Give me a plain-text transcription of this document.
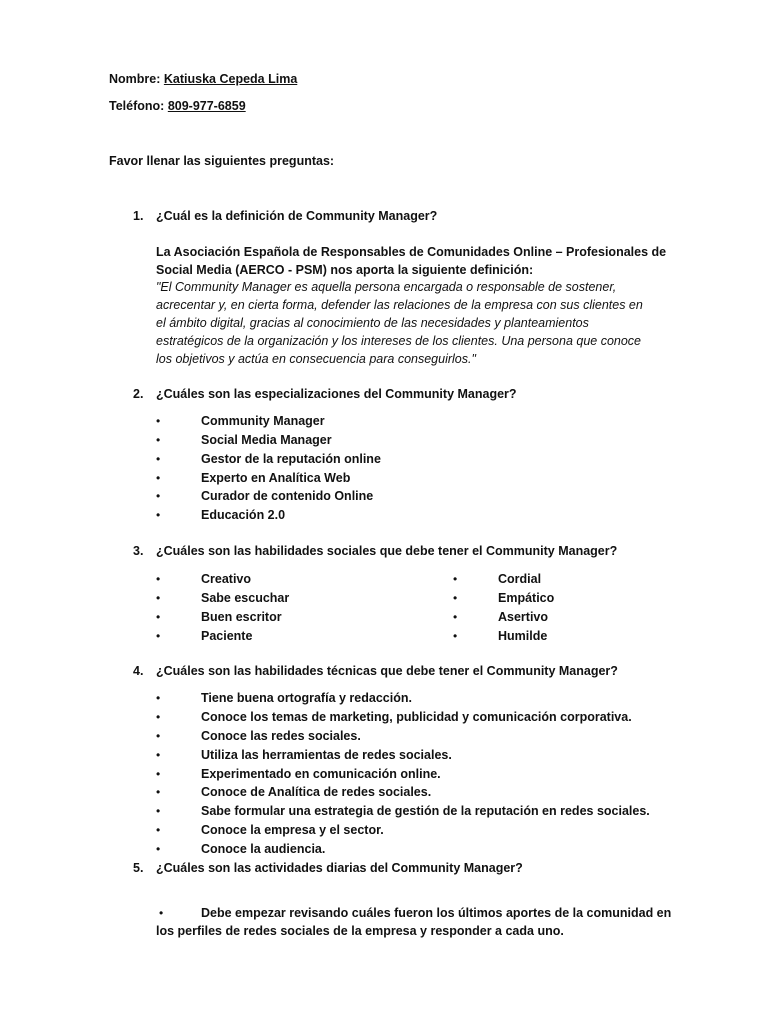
Nombre: Katiuska Cepeda Lima
Teléfono: 809-977-6859
Favor llenar las siguientes preguntas:
1. ¿Cuál es la definición de Community Manager?
La Asociación Española de Responsables de Comunidades Online – Profesionales de
Social Media (AERCO - PSM) nos aporta la siguiente definición:
"El Community Manager es aquella persona encargada o responsable de sostener,
acrecentar y, en cierta forma, defender las relaciones de la empresa con sus clientes en
el ámbito digital, gracias al conocimiento de las necesidades y planteamientos
estratégicos de la organización y los intereses de los clientes. Una persona que conoce
los objetivos y actúa en consecuencia para conseguirlos."
2. ¿Cuáles son las especializaciones del Community Manager?
•	Community Manager
•	Social Media Manager
•	Gestor de la reputación online
•	Experto en Analítica Web
•	Curador de contenido Online
•	Educación 2.0
3. ¿Cuáles son las habilidades sociales que debe tener el Community Manager?
•	Creativo
•	Sabe escuchar
•	Buen escritor
•	Paciente
•	Cordial
•	Empático
•	Asertivo
•	Humilde
4. ¿Cuáles son las habilidades técnicas que debe tener el Community Manager?
•	Tiene buena ortografía y redacción.
•	Conoce los temas de marketing, publicidad y comunicación corporativa.
•	Conoce las redes sociales.
•	Utiliza las herramientas de redes sociales.
•	Experimentado en comunicación online.
•	Conoce de Analítica de redes sociales.
•	Sabe formular una estrategia de gestión de la reputación en redes sociales.
•	Conoce la empresa y el sector.
•	Conoce la audiencia.
5. ¿Cuáles son las actividades diarias del Community Manager?
•	Debe empezar revisando cuáles fueron los últimos aportes de la comunidad en
los perfiles de redes sociales de la empresa y responder a cada uno.
